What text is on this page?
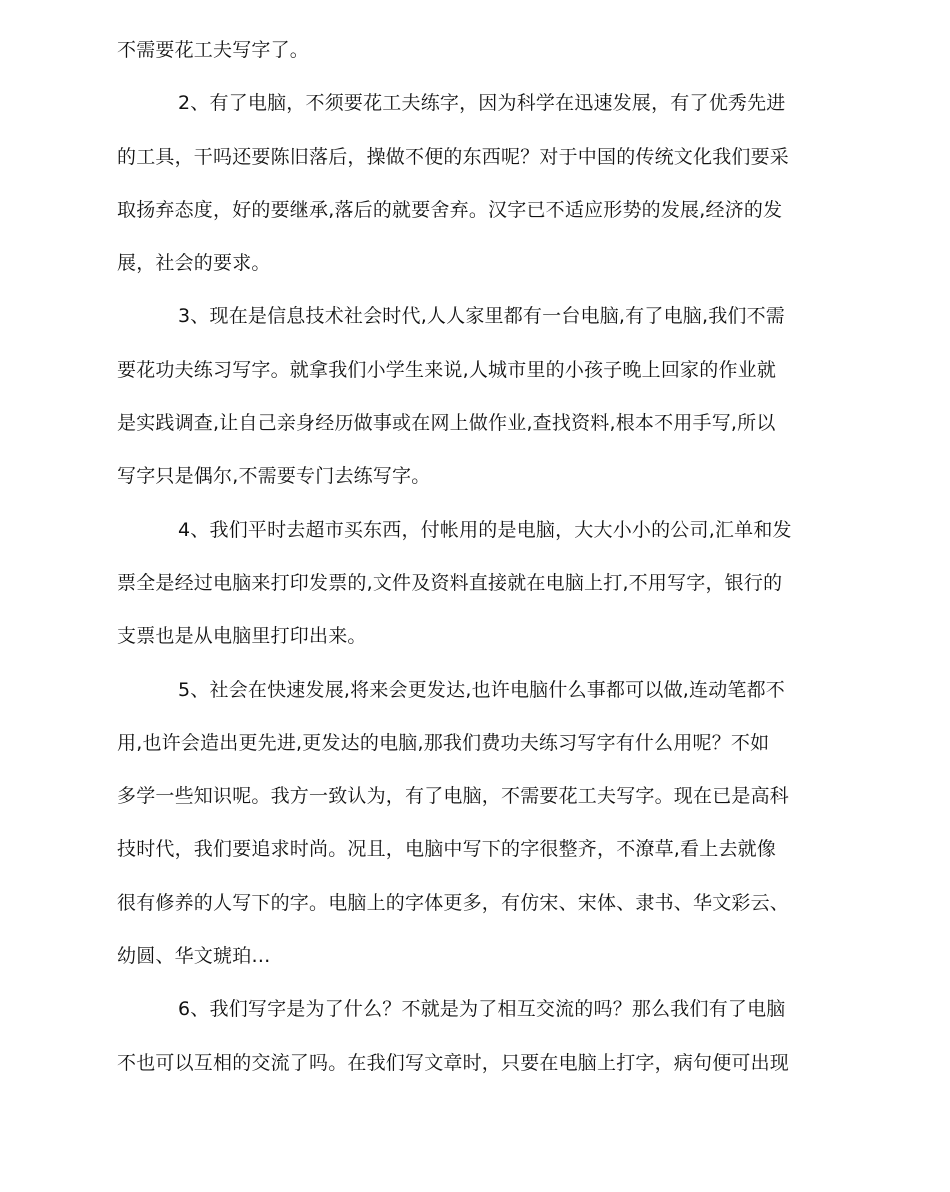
不需要花工夫写字了。
2、有了电脑，不须要花工夫练字，因为科学在迅速发展，有了优秀先进
的工具，干吗还要陈旧落后，操做不便的东西呢？对于中国的传统文化我们要采
取扬弃态度，好的要继承,落后的就要舍弃。汉字已不适应形势的发展,经济的发
展，社会的要求。
3、现在是信息技术社会时代,人人家里都有一台电脑,有了电脑,我们不需
要花功夫练习写字。就拿我们小学生来说,人城市里的小孩子晚上回家的作业就
是实践调查,让自己亲身经历做事或在网上做作业,查找资料,根本不用手写,所以
写字只是偶尔,不需要专门去练写字。
4、我们平时去超市买东西，付帐用的是电脑，大大小小的公司,汇单和发
票全是经过电脑来打印发票的,文件及资料直接就在电脑上打,不用写字，银行的
支票也是从电脑里打印出来。
5、社会在快速发展,将来会更发达,也许电脑什么事都可以做,连动笔都不
用,也许会造出更先进,更发达的电脑,那我们费功夫练习写字有什么用呢？不如
多学一些知识呢。我方一致认为，有了电脑，不需要花工夫写字。现在已是高科
技时代，我们要追求时尚。况且，电脑中写下的字很整齐，不潦草,看上去就像
很有修养的人写下的字。电脑上的字体更多，有仿宋、宋体、隶书、华文彩云、
幼圆、华文琥珀…
6、我们写字是为了什么？不就是为了相互交流的吗？那么我们有了电脑
不也可以互相的交流了吗。在我们写文章时，只要在电脑上打字，病句便可出现
